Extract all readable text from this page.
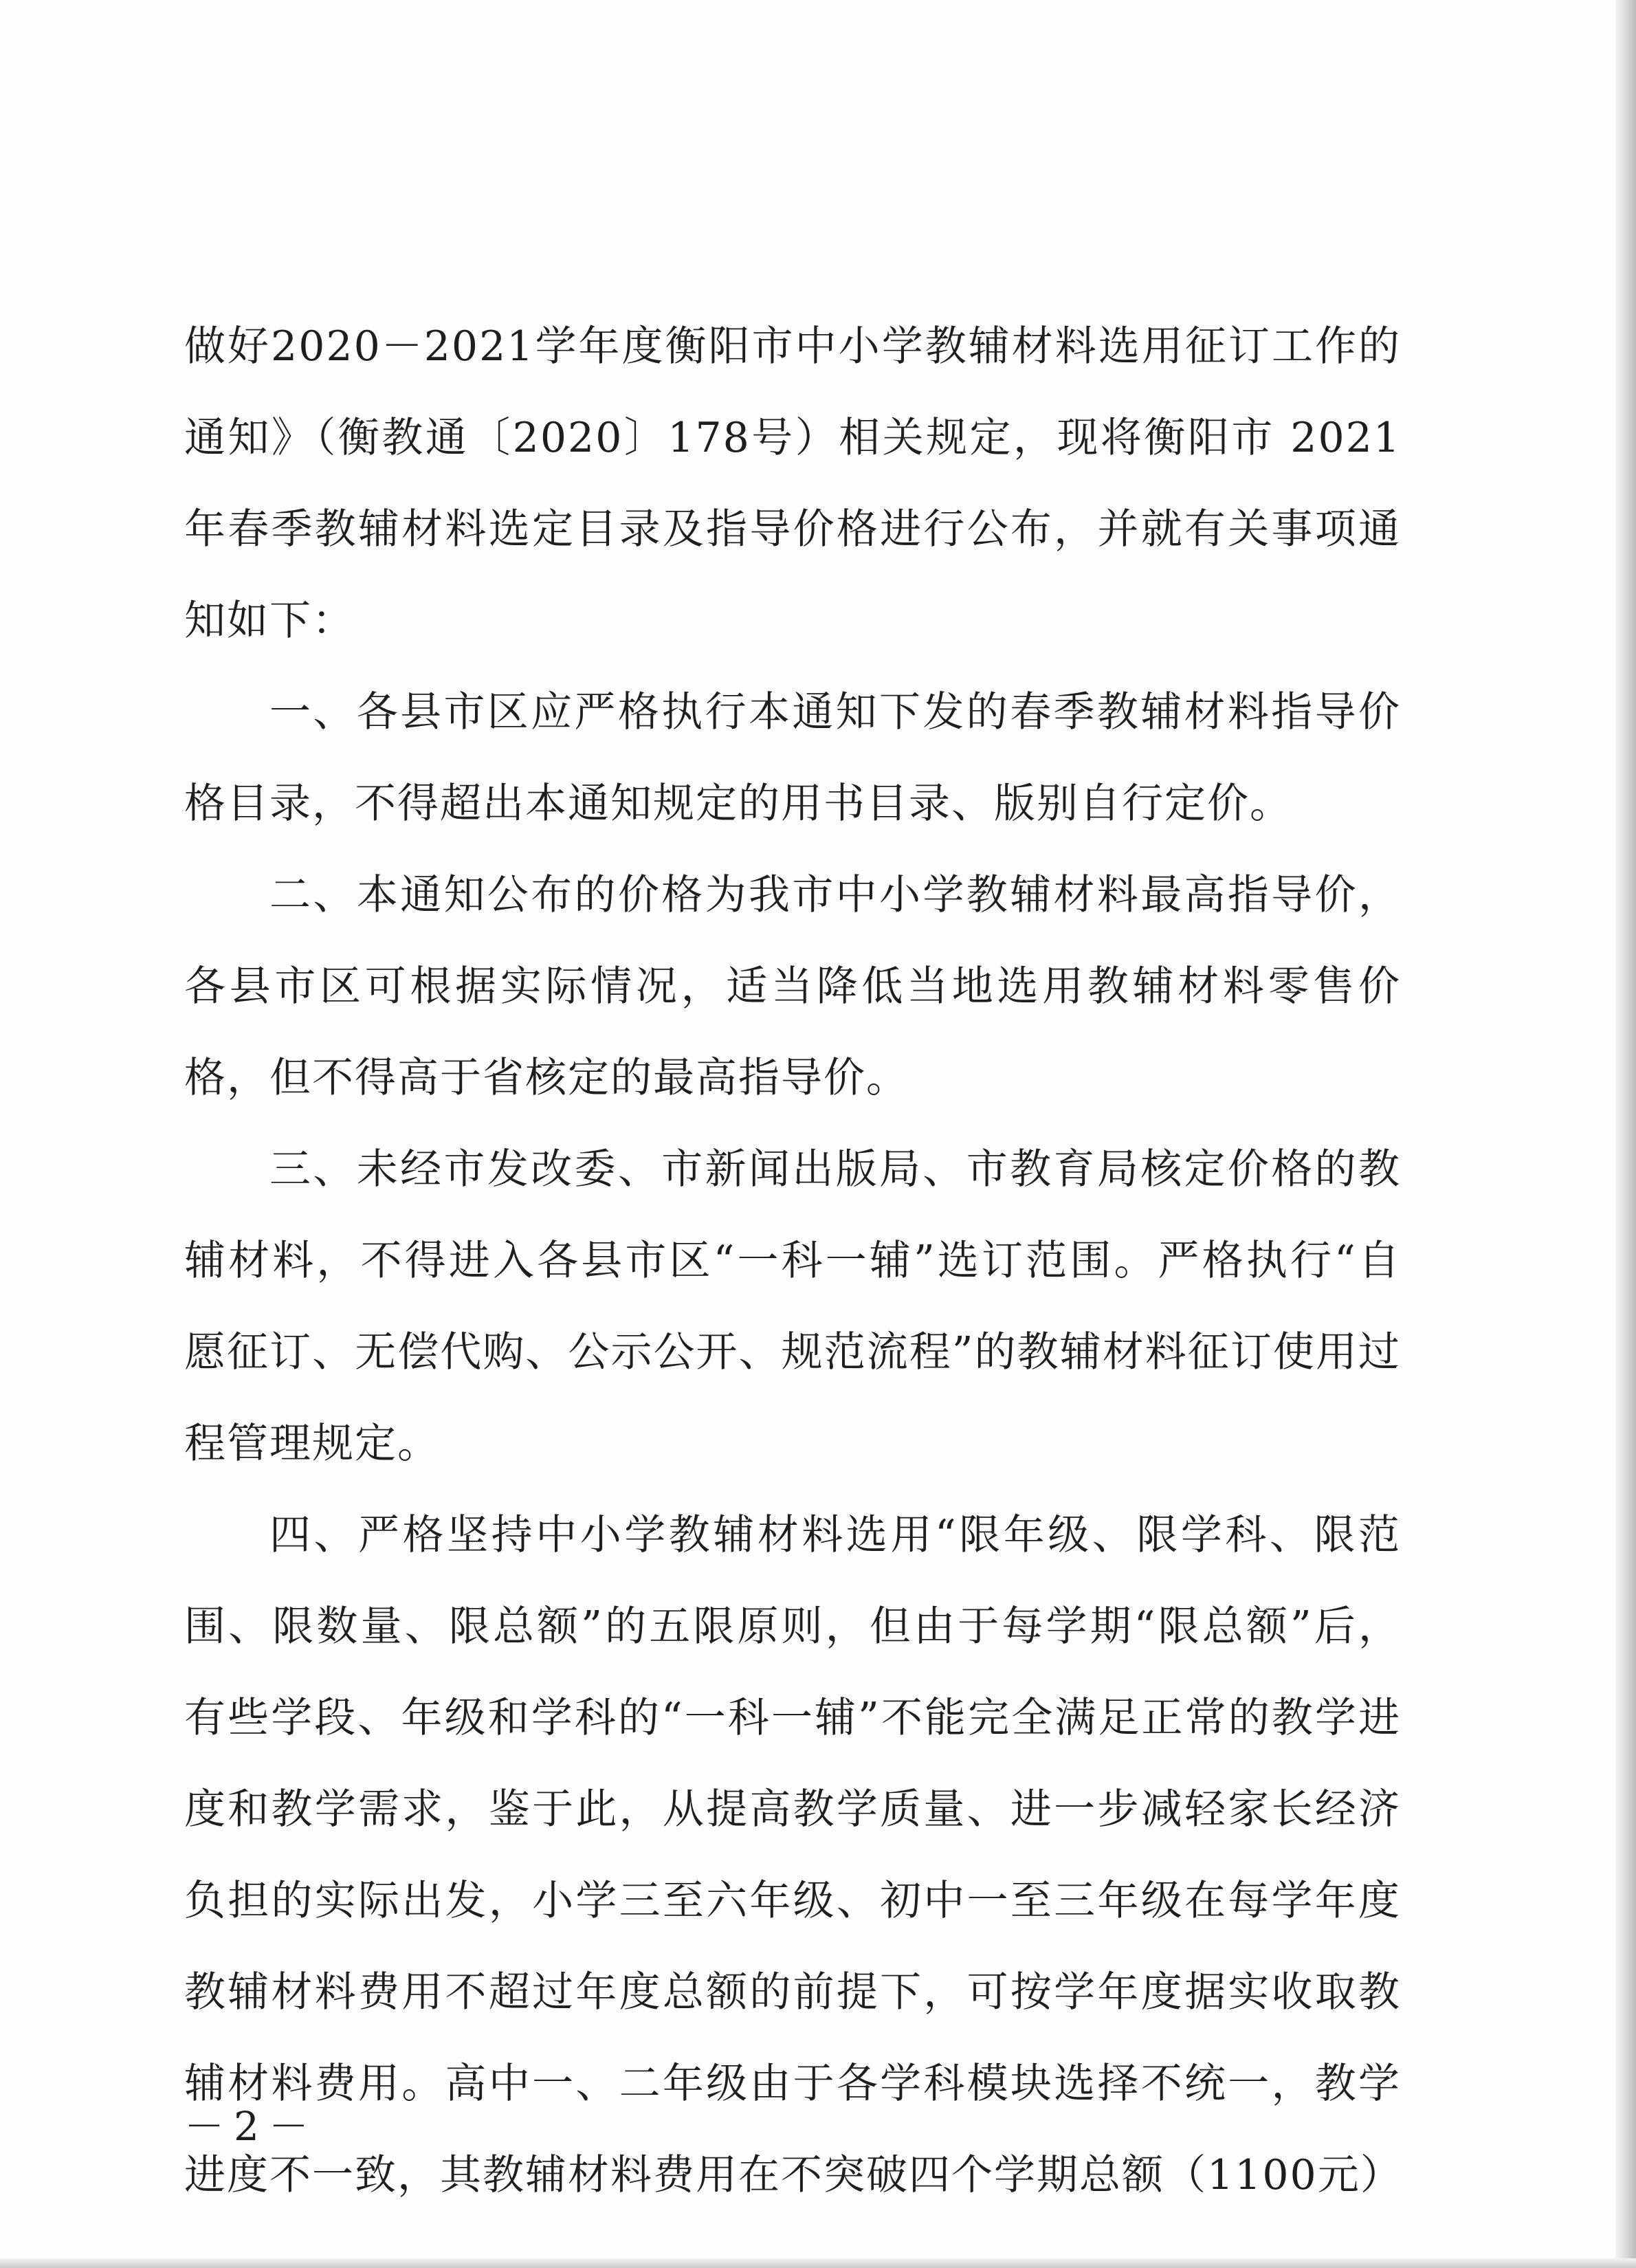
做好2020－2021学年度衡阳市中小学教辅材料选用征订工作的通知》（衡教通〔2020〕178号）相关规定，现将衡阳市 2021年春季教辅材料选定目录及指导价格进行公布，并就有关事项通知如下：

一、各县市区应严格执行本通知下发的春季教辅材料指导价格目录，不得超出本通知规定的用书目录、版别自行定价。

二、本通知公布的价格为我市中小学教辅材料最高指导价，各县市区可根据实际情况，适当降低当地选用教辅材料零售价格，但不得高于省核定的最高指导价。

三、未经市发改委、市新闻出版局、市教育局核定价格的教辅材料，不得进入各县市区“一科一辅”选订范围。严格执行“自愿征订、无偿代购、公示公开、规范流程”的教辅材料征订使用过程管理规定。

四、严格坚持中小学教辅材料选用“限年级、限学科、限范围、限数量、限总额”的五限原则，但由于每学期“限总额”后，有些学段、年级和学科的“一科一辅”不能完全满足正常的教学进度和教学需求，鉴于此，从提高教学质量、进一步减轻家长经济负担的实际出发，小学三至六年级、初中一至三年级在每学年度教辅材料费用不超过年度总额的前提下，可按学年度据实收取教辅材料费用。高中一、二年级由于各学科模块选择不统一，教学进度不一致，其教辅材料费用在不突破四个学期总额（1100元）

－2－
